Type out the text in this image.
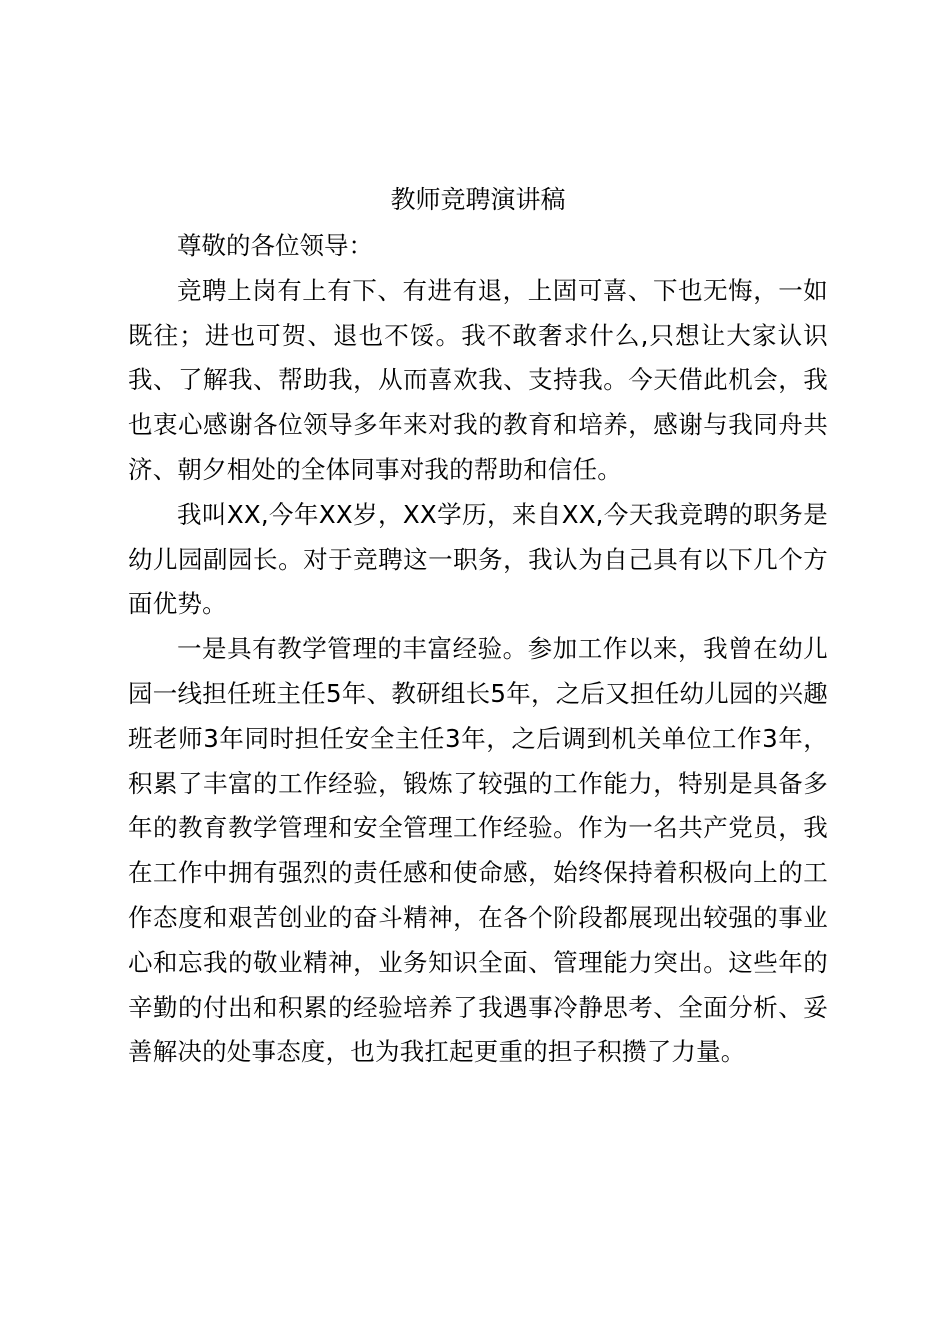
教师竞聘演讲稿

尊敬的各位领导：

竞聘上岗有上有下、有进有退，上固可喜、下也无悔，一如既往；进也可贺、退也不馁。我不敢奢求什么,只想让大家认识我、了解我、帮助我，从而喜欢我、支持我。今天借此机会，我也衷心感谢各位领导多年来对我的教育和培养，感谢与我同舟共济、朝夕相处的全体同事对我的帮助和信任。

我叫XX,今年XX岁，XX学历，来自XX,今天我竞聘的职务是幼儿园副园长。对于竞聘这一职务，我认为自己具有以下几个方面优势。

一是具有教学管理的丰富经验。参加工作以来，我曾在幼儿园一线担任班主任5年、教研组长5年，之后又担任幼儿园的兴趣班老师3年同时担任安全主任3年，之后调到机关单位工作3年，积累了丰富的工作经验，锻炼了较强的工作能力，特别是具备多年的教育教学管理和安全管理工作经验。作为一名共产党员，我在工作中拥有强烈的责任感和使命感，始终保持着积极向上的工作态度和艰苦创业的奋斗精神，在各个阶段都展现出较强的事业心和忘我的敬业精神，业务知识全面、管理能力突出。这些年的辛勤的付出和积累的经验培养了我遇事冷静思考、全面分析、妥善解决的处事态度，也为我扛起更重的担子积攒了力量。
